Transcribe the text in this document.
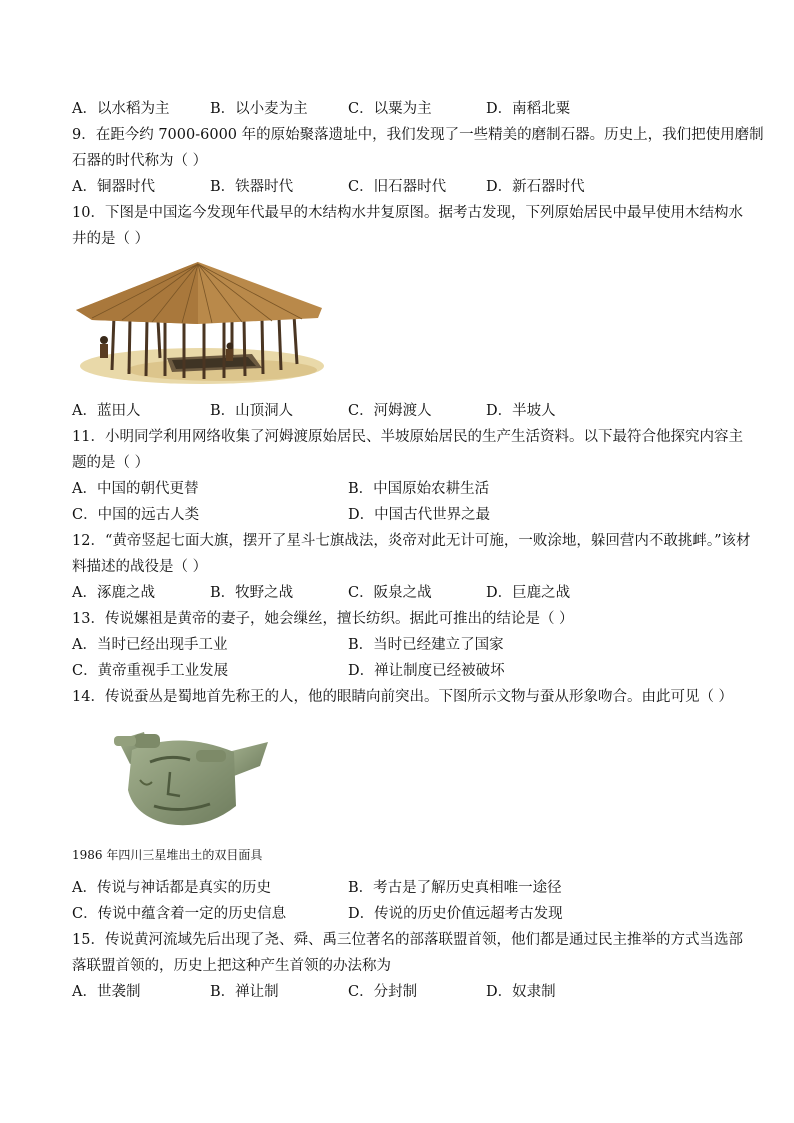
A．以水稻为主	B．以小麦为主	C．以粟为主	D．南稻北粟
9．在距今约 7000-6000 年的原始聚落遗址中，我们发现了一些精美的磨制石器。历史上，我们把使用磨制
石器的时代称为（ ）
A．铜器时代	B．铁器时代	C．旧石器时代	D．新石器时代
10．下图是中国迄今发现年代最早的木结构水井复原图。据考古发现，下列原始居民中最早使用木结构水
井的是（ ）
A．蓝田人	B．山顶洞人	C．河姆渡人	D．半坡人
11．小明同学利用网络收集了河姆渡原始居民、半坡原始居民的生产生活资料。以下最符合他探究内容主
题的是（ ）
A．中国的朝代更替	B．中国原始农耕生活
C．中国的远古人类	D．中国古代世界之最
12．“黄帝竖起七面大旗，摆开了星斗七旗战法，炎帝对此无计可施，一败涂地，躲回营内不敢挑衅。”该材
料描述的战役是（ ）
A．涿鹿之战	B．牧野之战	C．阪泉之战	D．巨鹿之战
13．传说嫘祖是黄帝的妻子，她会缫丝，擅长纺织。据此可推出的结论是（ ）
A．当时已经出现手工业	B．当时已经建立了国家
C．黄帝重视手工业发展	D．禅让制度已经被破坏
14．传说蚕丛是蜀地首先称王的人，他的眼睛向前突出。下图所示文物与蚕从形象吻合。由此可见（ ）
1986 年四川三星堆出土的双目面具
A．传说与神话都是真实的历史	B．考古是了解历史真相唯一途径
C．传说中蕴含着一定的历史信息	D．传说的历史价值远超考古发现
15．传说黄河流域先后出现了尧、舜、禹三位著名的部落联盟首领，他们都是通过民主推举的方式当选部
落联盟首领的，历史上把这种产生首领的办法称为
A．世袭制	B．禅让制	C．分封制	D．奴隶制
